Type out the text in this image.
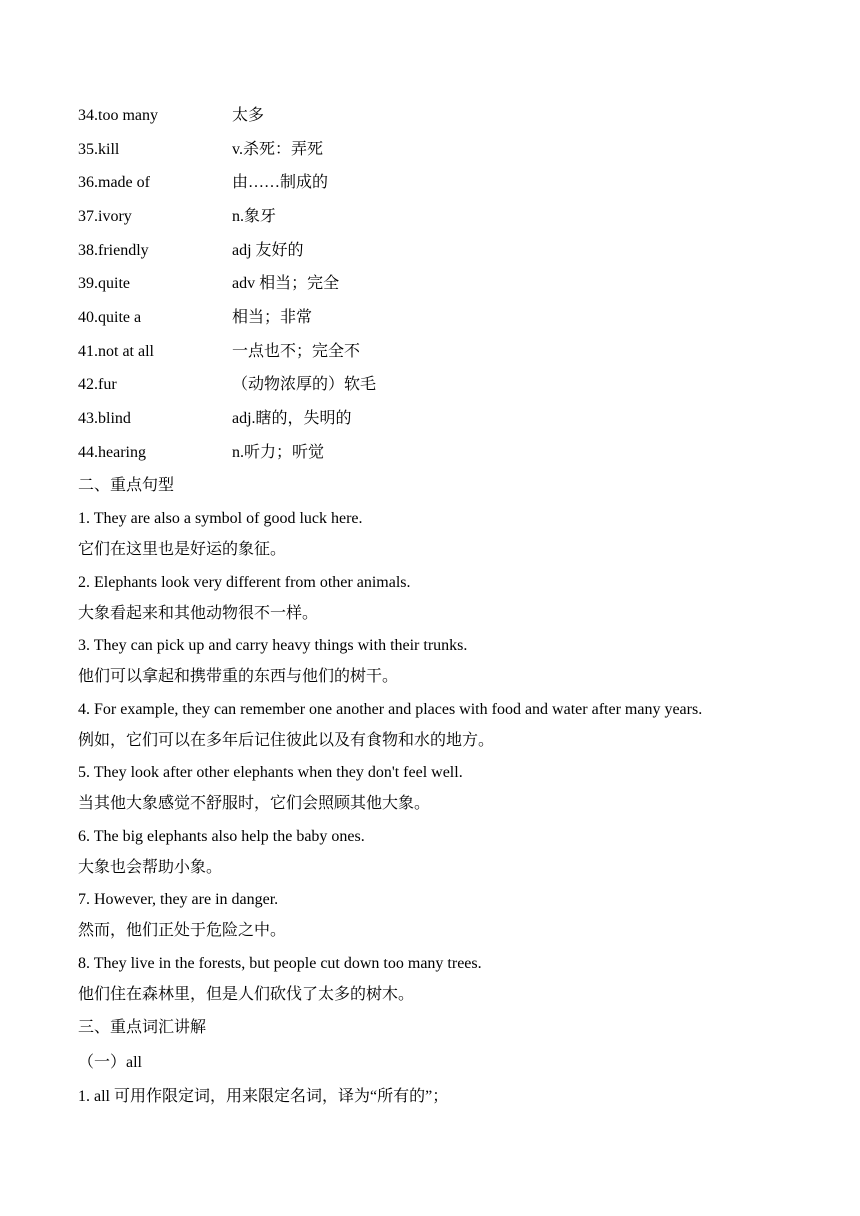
34.too many	太多
35.kill	v.杀死：弄死
36.made of	由……制成的
37.ivory	n.象牙
38.friendly	adj 友好的
39.quite	adv 相当；完全
40.quite a	相当；非常
41.not at all	一点也不；完全不
42.fur	（动物浓厚的）软毛
43.blind	adj.瞎的，失明的
44.hearing	n.听力；听觉
二、重点句型
1. They are also a symbol of good luck here.
它们在这里也是好运的象征。
2. Elephants look very different from other animals.
大象看起来和其他动物很不一样。
3. They can pick up and carry heavy things with their trunks.
他们可以拿起和携带重的东西与他们的树干。
4. For example, they can remember one another and places with food and water after many years.
例如，它们可以在多年后记住彼此以及有食物和水的地方。
5. They look after other elephants when they don't feel well.
当其他大象感觉不舒服时，它们会照顾其他大象。
6. The big elephants also help the baby ones.
大象也会帮助小象。
7. However, they are in danger.
然而，他们正处于危险之中。
8. They live in the forests, but people cut down too many trees.
他们住在森林里，但是人们砍伐了太多的树木。
三、重点词汇讲解
（一）all
1. all 可用作限定词，用来限定名词，译为“所有的”；
